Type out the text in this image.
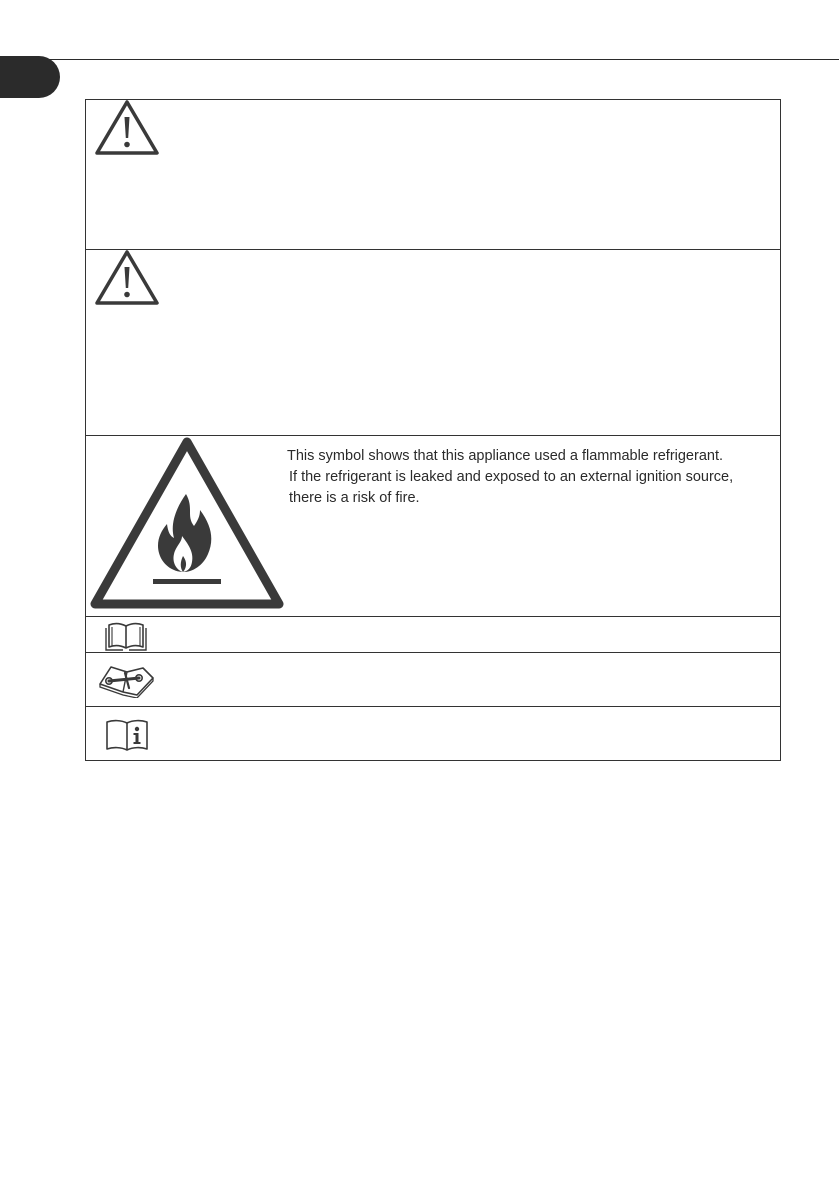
This symbol shows that this appliance used a flammable refrigerant.
If the refrigerant is leaked and exposed to an external ignition source,
there is a risk of fire.
